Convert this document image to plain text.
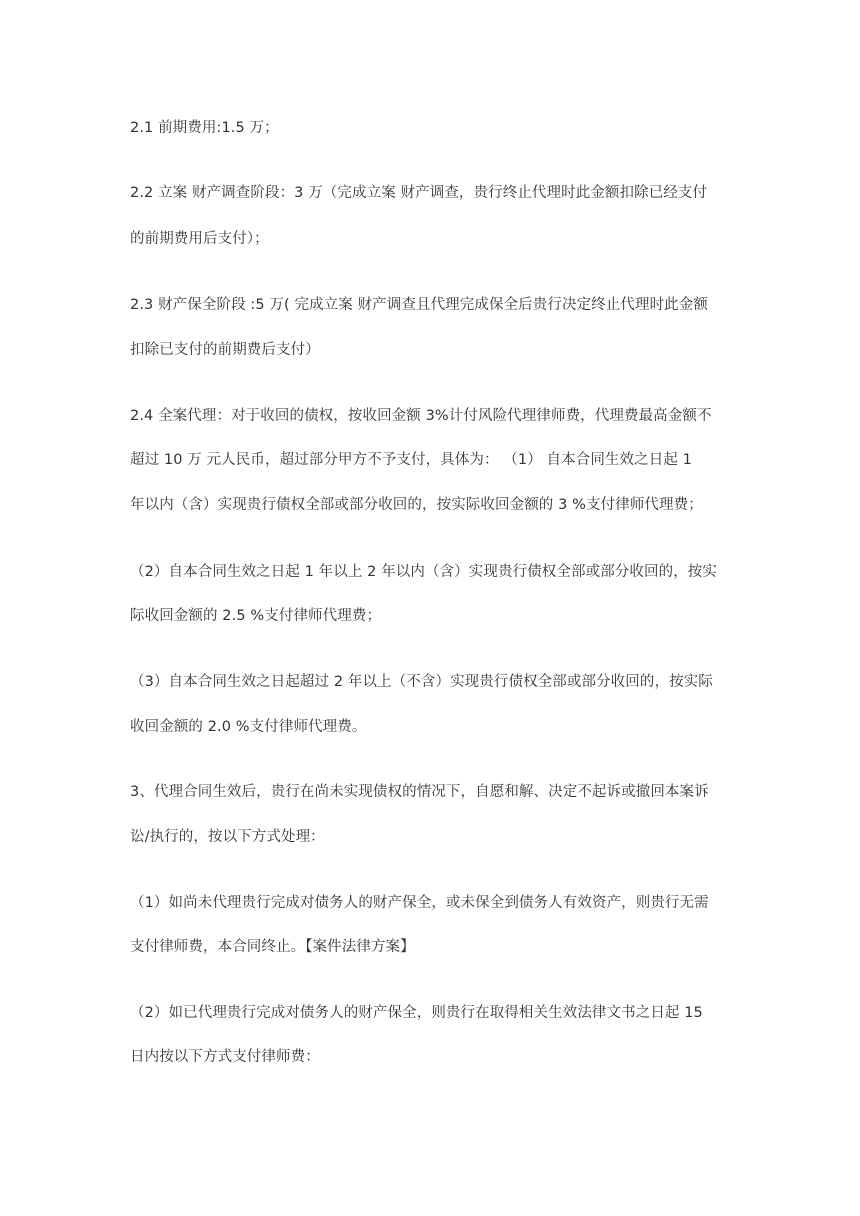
2.1 前期费用:1.5 万；
2.2 立案 财产调查阶段：3 万（完成立案 财产调查，贵行终止代理时此金额扣除已经支付
的前期费用后支付）；
2.3 财产保全阶段 :5 万( 完成立案 财产调查且代理完成保全后贵行决定终止代理时此金额
扣除已支付的前期费后支付）
2.4 全案代理：对于收回的债权，按收回金额 3%计付风险代理律师费，代理费最高金额不
超过 10 万 元人民币，超过部分甲方不予支付，具体为： （1） 自本合同生效之日起 1
年以内（含）实现贵行债权全部或部分收回的，按实际收回金额的 3 %支付律师代理费；
（2）自本合同生效之日起 1 年以上 2 年以内（含）实现贵行债权全部或部分收回的，按实
际收回金额的 2.5 %支付律师代理费；
（3）自本合同生效之日起超过 2 年以上（不含）实现贵行债权全部或部分收回的，按实际
收回金额的 2.0 %支付律师代理费。
3、代理合同生效后，贵行在尚未实现债权的情况下，自愿和解、决定不起诉或撤回本案诉
讼/执行的，按以下方式处理：
（1）如尚未代理贵行完成对债务人的财产保全，或未保全到债务人有效资产，则贵行无需
支付律师费，本合同终止。【案件法律方案】
（2）如已代理贵行完成对债务人的财产保全，则贵行在取得相关生效法律文书之日起 15
日内按以下方式支付律师费：
